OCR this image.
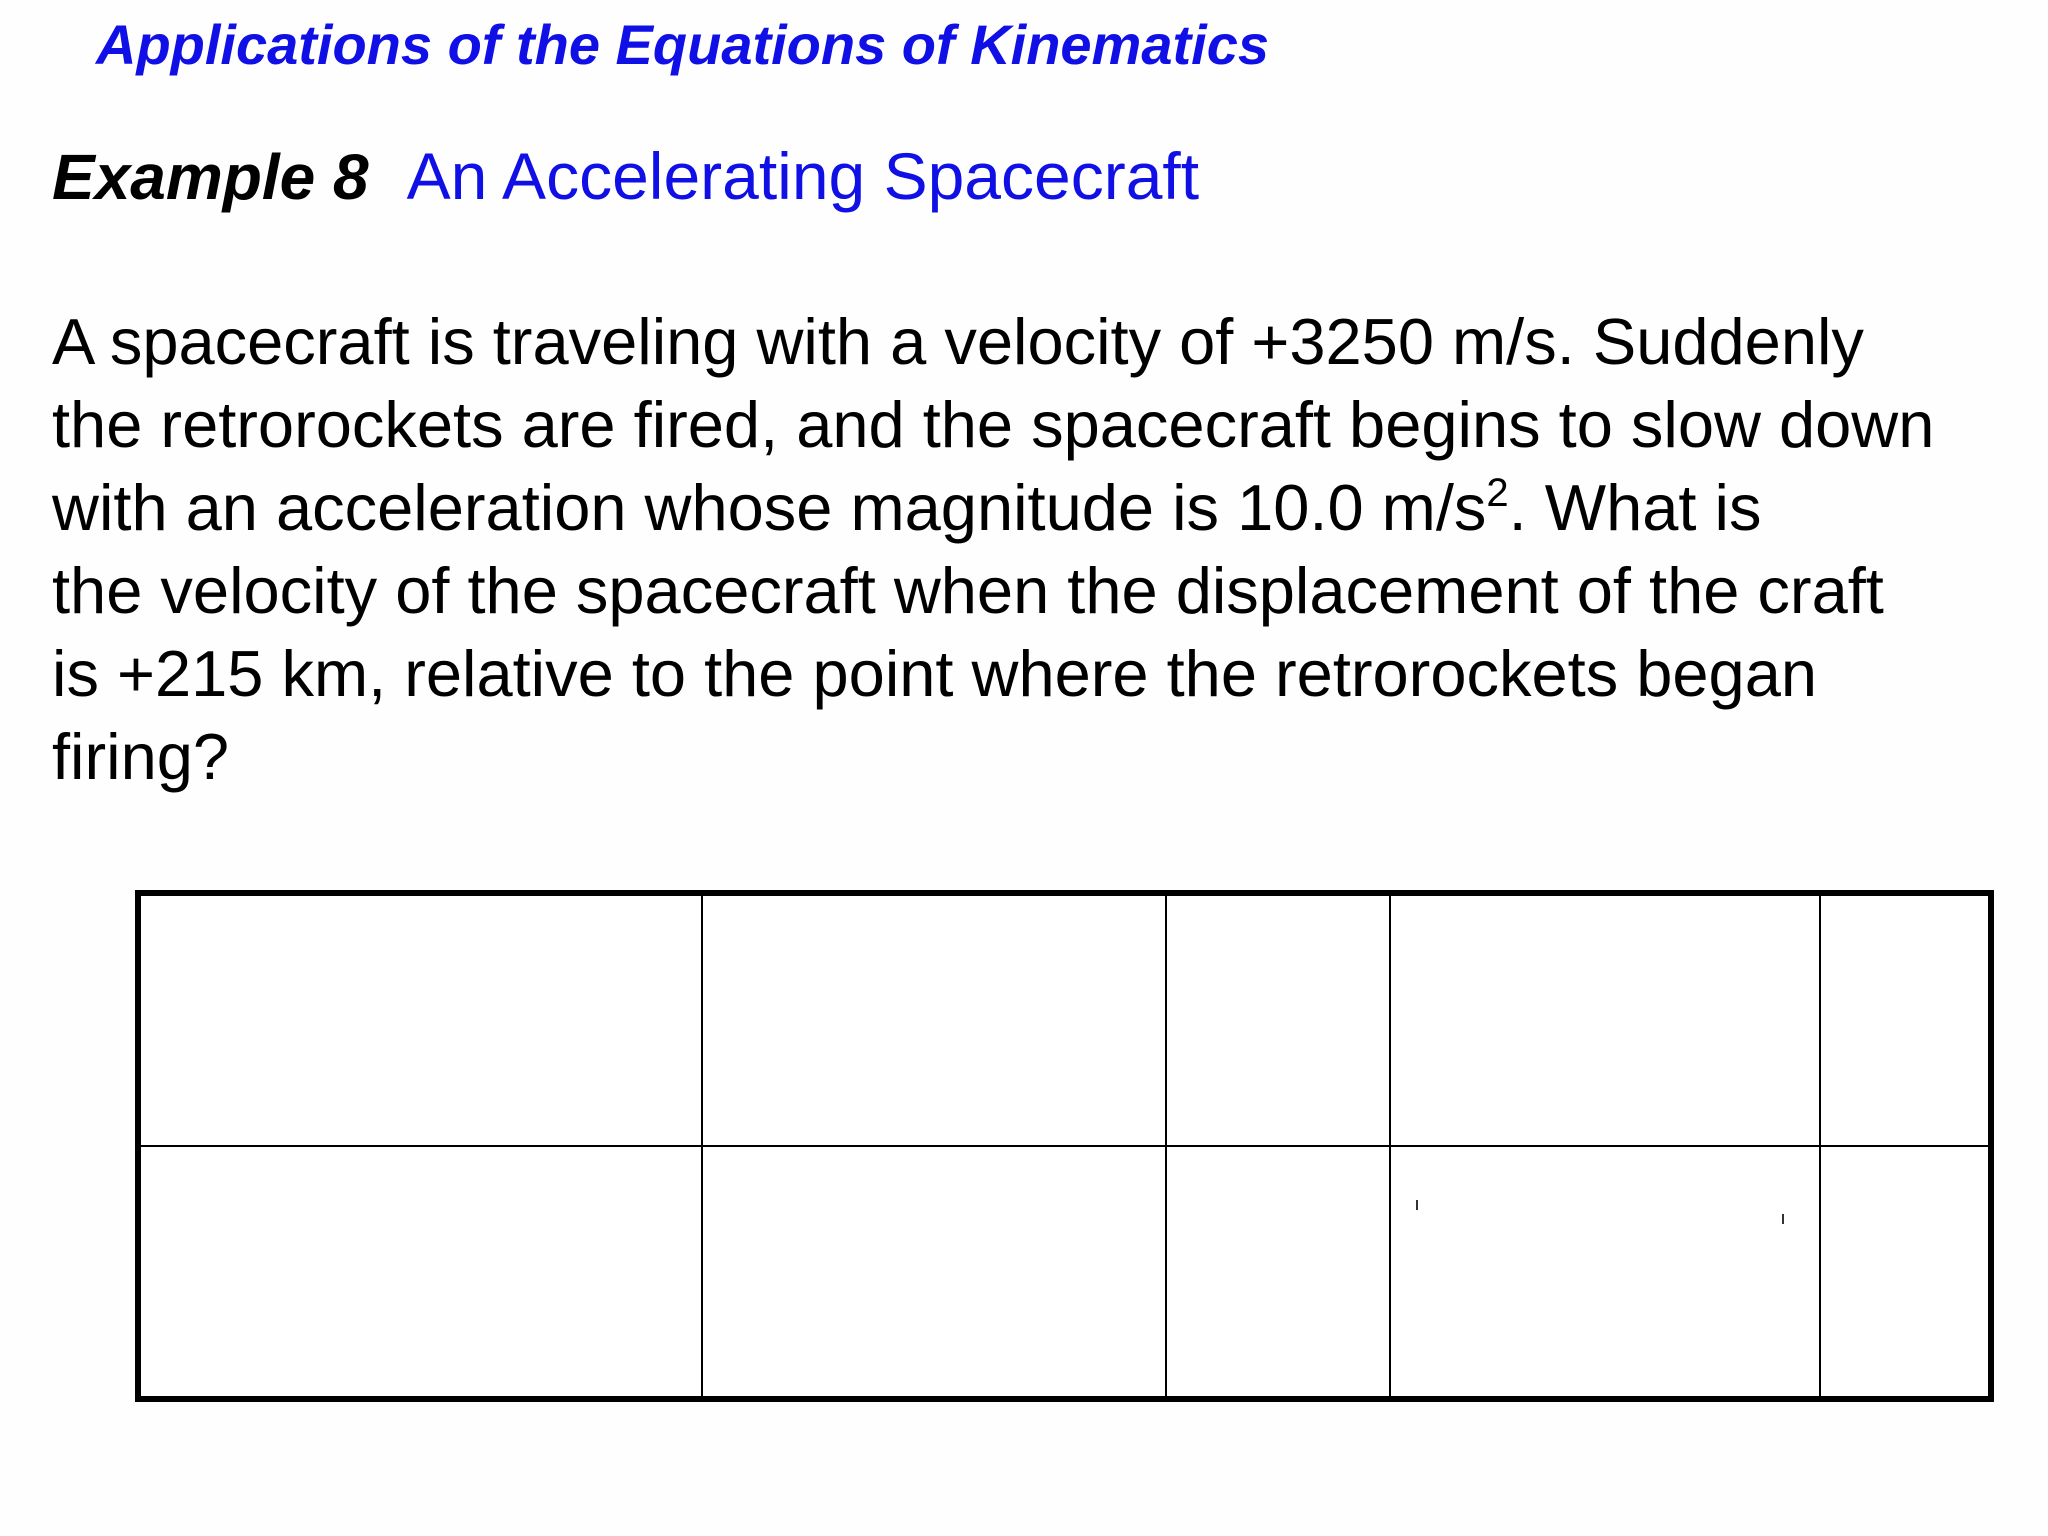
Applications of the Equations of Kinematics
Example 8 An Accelerating Spacecraft
A spacecraft is traveling with a velocity of +3250 m/s. Suddenly
the retrorockets are fired, and the spacecraft begins to slow down
with an acceleration whose magnitude is 10.0 $m/s^2$. What is
the velocity of the spacecraft when the displacement of the craft
is +215 km, relative to the point where the retrorockets began
firing?
